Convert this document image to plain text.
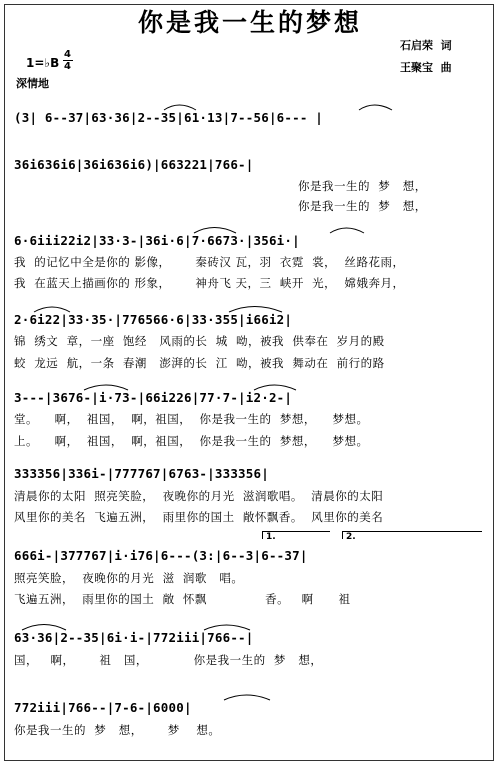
你是我一生的梦想
1=♭B
4
4
深情地
石启荣  词
王聚宝  曲
(3| 6--37|63·36|2--35|61·13|7--56|6--- |
36i636i6|36i636i6)|663221|766-|
你是我一生的  梦   想，
你是我一生的  梦   想，
6·6iii22i2|33·3-|36i·6|7·6673·|356i·|
我  的记忆中全是你的 影像，      秦砖汉 瓦，羽  衣霓  裳，  丝路花雨，
我  在蓝天上描画你的 形象，      神舟飞 天，三  峡开  光，  嫦娥奔月，
2·6i22|33·35·|776566·6|33·355|i66i2|
锦  绣文  章，一座  饱经   风雨的长  城  呦，被我  供奉在  岁月的殿
蛟  龙远  航，一条  春潮   澎湃的长  江  呦，被我  舞动在  前行的路
3---|3676-|i·73-|66i226|77·7-|i2·2-|
堂。    啊，  祖国，  啊，祖国，  你是我一生的  梦想，    梦想。
上。    啊，  祖国，  啊，祖国，  你是我一生的  梦想，    梦想。
333356|336i-|777767|6763-|333356|
清晨你的太阳  照亮笑脸，  夜晚你的月光  滋润歌唱。  清晨你的太阳
风里你的美名  飞遍五洲，  雨里你的国土  敞怀飘香。  风里你的美名
1.	2.
666i-|377767|i·i76|6---(3:|6--3|6--37|
照亮笑脸，  夜晚你的月光  滋  润歌   唱。
飞遍五洲，  雨里你的国土  敞  怀飘              香。   啊      祖
63·36|2--35|6i·i-|772iii|766--|
国，   啊，      祖   国，           你是我一生的  梦   想，
772iii|766--|7-6-|6000|
你是我一生的  梦   想，      梦    想。
